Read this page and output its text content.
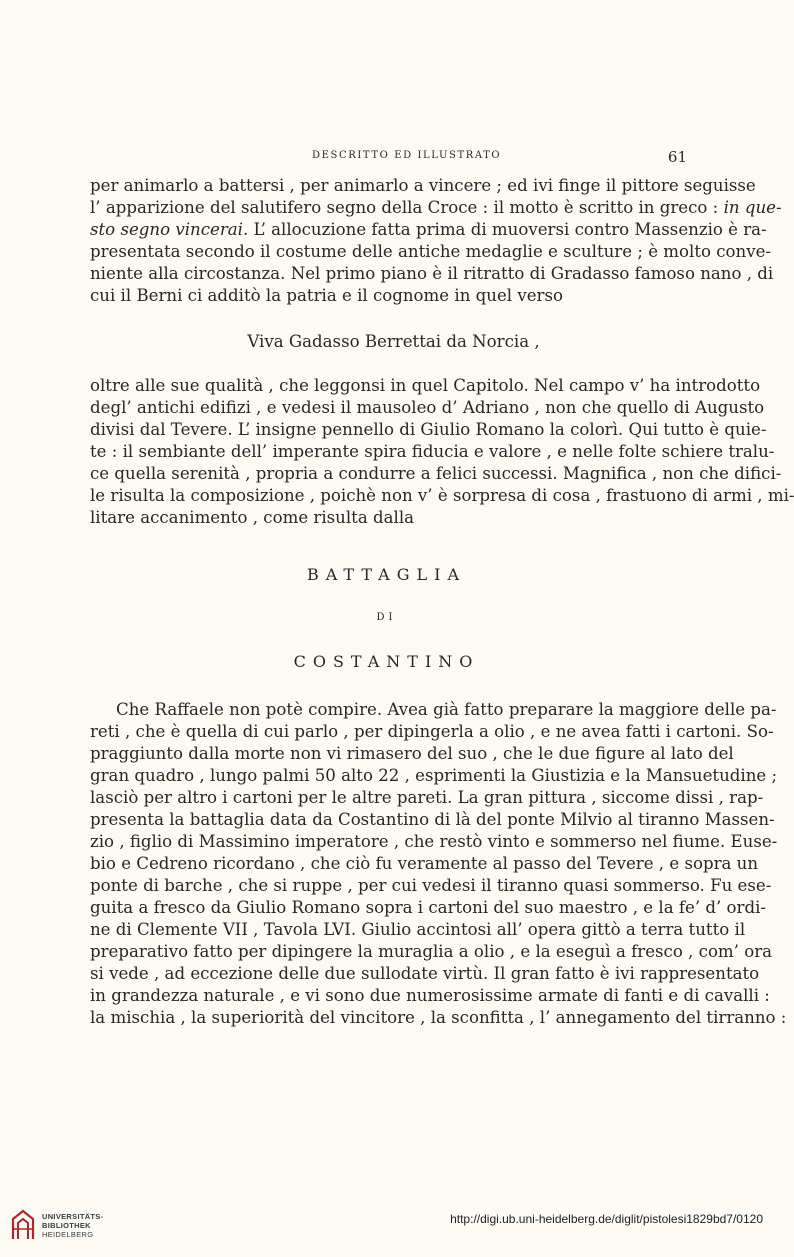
DESCRITTO ED ILLUSTRATO	61
per animarlo a battersi , per animarlo a vincere ; ed ivi finge il pittore seguisse
l’ apparizione del salutifero segno della Croce : il motto è scritto in greco : in que-
sto segno vincerai. L’ allocuzione fatta prima di muoversi contro Massenzio è ra-
presentata secondo il costume delle antiche medaglie e sculture ; è molto conve-
niente alla circostanza. Nel primo piano è il ritratto di Gradasso famoso nano , di
cui il Berni ci additò la patria e il cognome in quel verso
Viva Gadasso Berrettai da Norcia ,
oltre alle sue qualità , che leggonsi in quel Capitolo. Nel campo v’ ha introdotto
degl’ antichi edifizi , e vedesi il mausoleo d’ Adriano , non che quello di Augusto
divisi dal Tevere. L’ insigne pennello di Giulio Romano la colorì. Qui tutto è quie-
te : il sembiante dell’ imperante spira fiducia e valore , e nelle folte schiere tralu-
ce quella serenità , propria a condurre a felici successi. Magnifica , non che difici-
le risulta la composizione , poichè non v’ è sorpresa di cosa , frastuono di armi , mi-
litare accanimento , come risulta dalla
BATTAGLIA
DI
COSTANTINO
Che Raffaele non potè compire. Avea già fatto preparare la maggiore delle pa-
reti , che è quella di cui parlo , per dipingerla a olio , e ne avea fatti i cartoni. So-
praggiunto dalla morte non vi rimasero del suo , che le due figure al lato del
gran quadro , lungo palmi 50 alto 22 , esprimenti la Giustizia e la Mansuetudine ;
lasciò per altro i cartoni per le altre pareti. La gran pittura , siccome dissi , rap-
presenta la battaglia data da Costantino di là del ponte Milvio al tiranno Massen-
zio , figlio di Massimino imperatore , che restò vinto e sommerso nel fiume. Euse-
bio e Cedreno ricordano , che ciò fu veramente al passo del Tevere , e sopra un
ponte di barche , che si ruppe , per cui vedesi il tiranno quasi sommerso. Fu ese-
guita a fresco da Giulio Romano sopra i cartoni del suo maestro , e la fe’ d’ ordi-
ne di Clemente VII , Tavola LVI. Giulio accintosi all’ opera gittò a terra tutto il
preparativo fatto per dipingere la muraglia a olio , e la eseguì a fresco , com’ ora
si vede , ad eccezione delle due sullodate virtù. Il gran fatto è ivi rappresentato
in grandezza naturale , e vi sono due numerosissime armate di fanti e di cavalli :
la mischia , la superiorità del vincitore , la sconfitta , l’ annegamento del tirranno :
UNIVERSITÄTS-
BIBLIOTHEK
HEIDELBERG
http://digi.ub.uni-heidelberg.de/diglit/pistolesi1829bd7/0120
